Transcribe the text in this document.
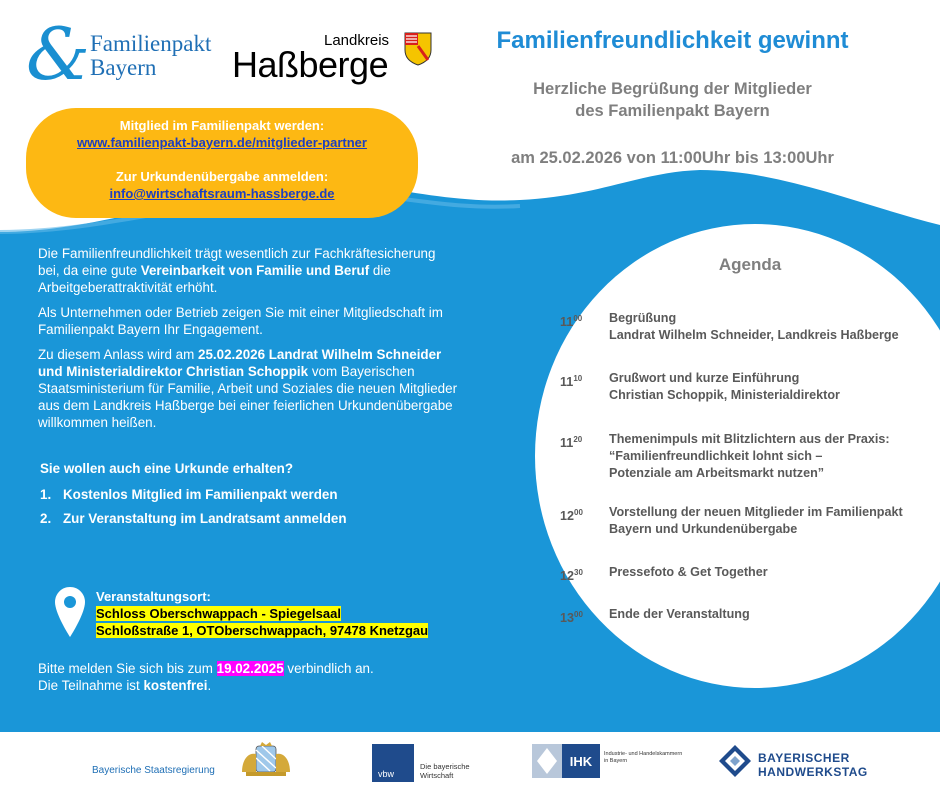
& Familienpakt
Bayern
Landkreis
Haßberge
Familienfreundlichkeit gewinnt
Herzliche Begrüßung der Mitglieder
des Familienpakt Bayern
am 25.02.2026 von 11:00Uhr bis 13:00Uhr
Mitglied im Familienpakt werden:
www.familienpakt-bayern.de/mitglieder-partner
Zur Urkundenübergabe anmelden:
info@wirtschaftsraum-hassberge.de

Die Familienfreundlichkeit trägt wesentlich zur Fachkräftesicherung bei, da eine gute Vereinbarkeit von Familie und Beruf die Arbeitgeberattraktivität erhöht.

Als Unternehmen oder Betrieb zeigen Sie mit einer Mitgliedschaft im Familienpakt Bayern Ihr Engagement.

Zu diesem Anlass wird am 25.02.2026 Landrat Wilhelm Schneider und Ministerialdirektor Christian Schoppik vom Bayerischen Staatsministerium für Familie, Arbeit und Soziales die neuen Mitglieder aus dem Landkreis Haßberge bei einer feierlichen Urkundenübergabe willkommen heißen.

Sie wollen auch eine Urkunde erhalten?
1. Kostenlos Mitglied im Familienpakt werden
2. Zur Veranstaltung im Landratsamt anmelden
Veranstaltungsort:
Schloss Oberschwappach - Spiegelsaal
Schloßstraße 1, OTOberschwappach, 97478 Knetzgau
Bitte melden Sie sich bis zum 19.02.2025 verbindlich an.
Die Teilnahme ist kostenfrei.
Agenda
$11^{00}$	Begrüßung
Landrat Wilhelm Schneider, Landkreis Haßberge
$11^{10}$	Grußwort und kurze Einführung
Christian Schoppik, Ministerialdirektor
$11^{20}$	Themenimpuls mit Blitzlichtern aus der Praxis:
“Familienfreundlichkeit lohnt sich –
Potenziale am Arbeitsmarkt nutzen”
$12^{00}$	Vorstellung der neuen Mitglieder im Familienpakt
Bayern und Urkundenübergabe
$12^{30}$	Pressefoto & Get Together
$13^{00}$	Ende der Veranstaltung
Bayerische Staatsregierung	vbw
Die bayerische
Wirtschaft
IHK Industrie- und Handelskammern
in Bayern	BAYERISCHER
HANDWERKSTAG
